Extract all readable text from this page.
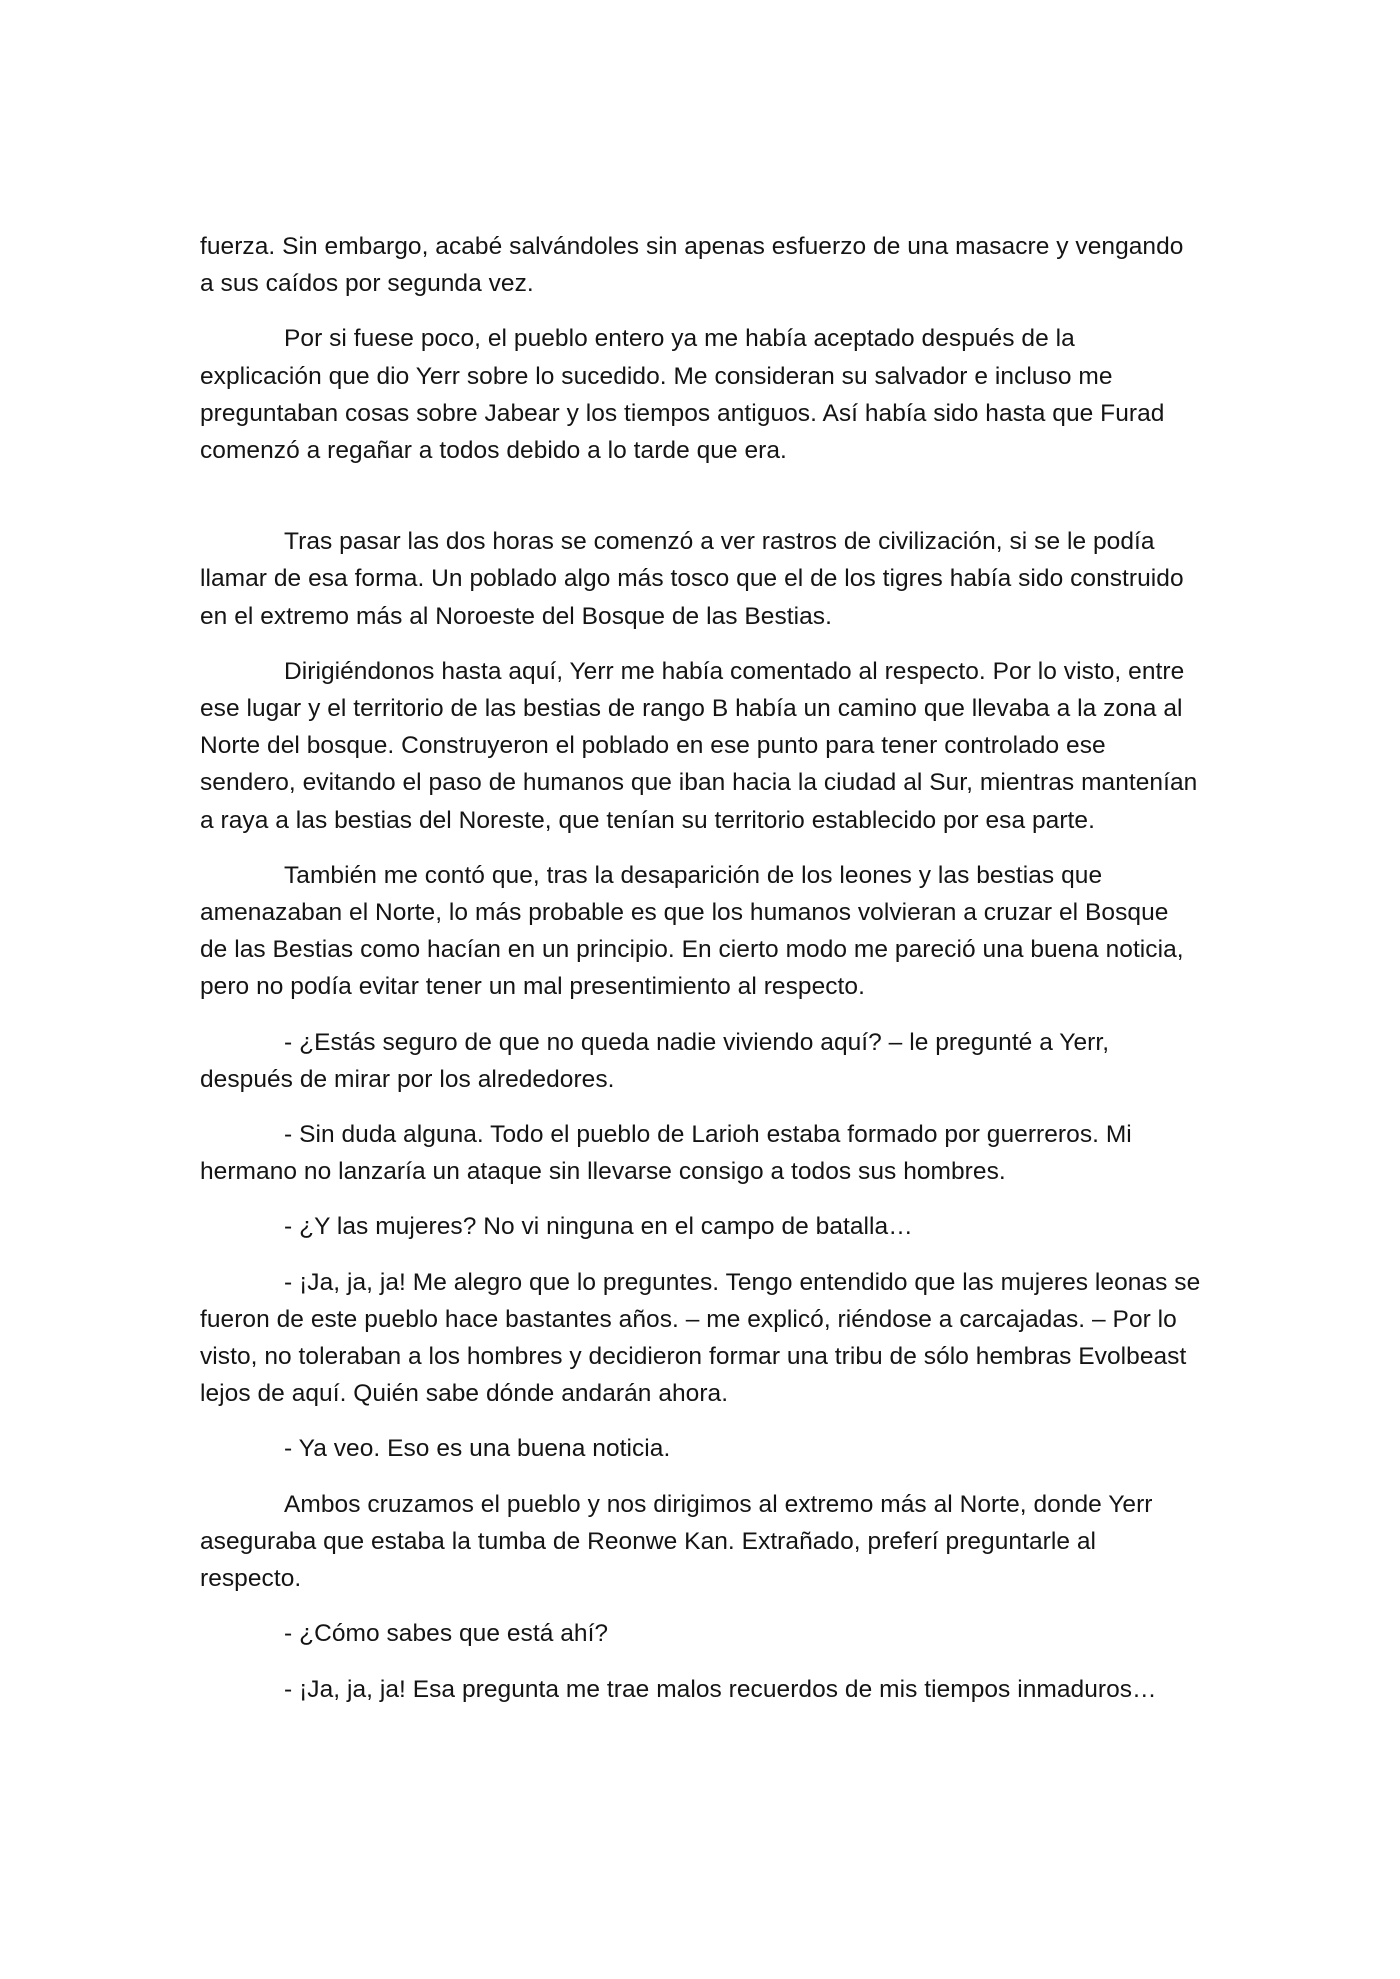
fuerza. Sin embargo, acabé salvándoles sin apenas esfuerzo de una masacre y vengando a sus caídos por segunda vez.

Por si fuese poco, el pueblo entero ya me había aceptado después de la explicación que dio Yerr sobre lo sucedido. Me consideran su salvador e incluso me preguntaban cosas sobre Jabear y los tiempos antiguos. Así había sido hasta que Furad comenzó a regañar a todos debido a lo tarde que era.

Tras pasar las dos horas se comenzó a ver rastros de civilización, si se le podía llamar de esa forma. Un poblado algo más tosco que el de los tigres había sido construido en el extremo más al Noroeste del Bosque de las Bestias.

Dirigiéndonos hasta aquí, Yerr me había comentado al respecto. Por lo visto, entre ese lugar y el territorio de las bestias de rango B había un camino que llevaba a la zona al Norte del bosque. Construyeron el poblado en ese punto para tener controlado ese sendero, evitando el paso de humanos que iban hacia la ciudad al Sur, mientras mantenían a raya a las bestias del Noreste, que tenían su territorio establecido por esa parte.

También me contó que, tras la desaparición de los leones y las bestias que amenazaban el Norte, lo más probable es que los humanos volvieran a cruzar el Bosque de las Bestias como hacían en un principio. En cierto modo me pareció una buena noticia, pero no podía evitar tener un mal presentimiento al respecto.

- ¿Estás seguro de que no queda nadie viviendo aquí? – le pregunté a Yerr, después de mirar por los alrededores.

- Sin duda alguna. Todo el pueblo de Larioh estaba formado por guerreros. Mi hermano no lanzaría un ataque sin llevarse consigo a todos sus hombres.

- ¿Y las mujeres? No vi ninguna en el campo de batalla…

- ¡Ja, ja, ja! Me alegro que lo preguntes. Tengo entendido que las mujeres leonas se fueron de este pueblo hace bastantes años. – me explicó, riéndose a carcajadas. – Por lo visto, no toleraban a los hombres y decidieron formar una tribu de sólo hembras Evolbeast lejos de aquí. Quién sabe dónde andarán ahora.

- Ya veo. Eso es una buena noticia.

Ambos cruzamos el pueblo y nos dirigimos al extremo más al Norte, donde Yerr aseguraba que estaba la tumba de Reonwe Kan. Extrañado, preferí preguntarle al respecto.

- ¿Cómo sabes que está ahí?

- ¡Ja, ja, ja! Esa pregunta me trae malos recuerdos de mis tiempos inmaduros…
